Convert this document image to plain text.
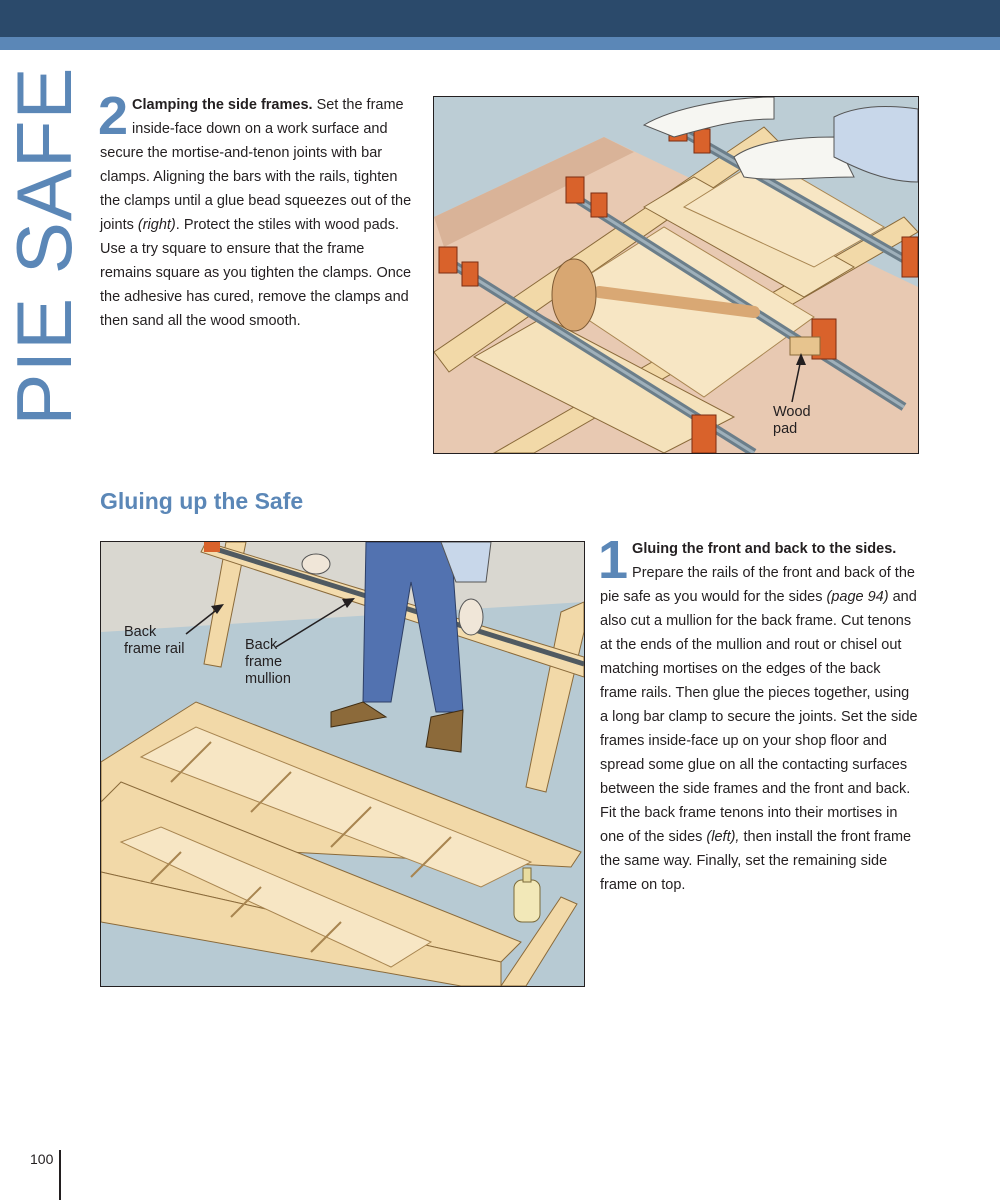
PIE SAFE 2 Clamping the side frames. Set the frame inside-face down on a work surface and secure the mortise-and-tenon joints with bar clamps. Aligning the bars with the rails, tighten the clamps until a glue bead squeezes out of the joints (right). Protect the stiles with wood pads. Use a try square to ensure that the frame remains square as you tighten the clamps. Once the adhesive has cured, remove the clamps and then sand all the wood smooth.
Wood
pad
Gluing up the Safe
Back
frame rail	Back
frame
mullion
1 Gluing the front and back to the sides. Prepare the rails of the front and back of the pie safe as you would for the sides (page 94) and also cut a mullion for the back frame. Cut tenons at the ends of the mullion and rout or chisel out matching mortises on the edges of the back frame rails. Then glue the pieces together, using a long bar clamp to secure the joints. Set the side frames inside-face up on your shop floor and spread some glue on all the contacting surfaces between the side frames and the front and back. Fit the back frame tenons into their mortises in one of the sides (left), then install the front frame the same way. Finally, set the remaining side frame on top.
100
